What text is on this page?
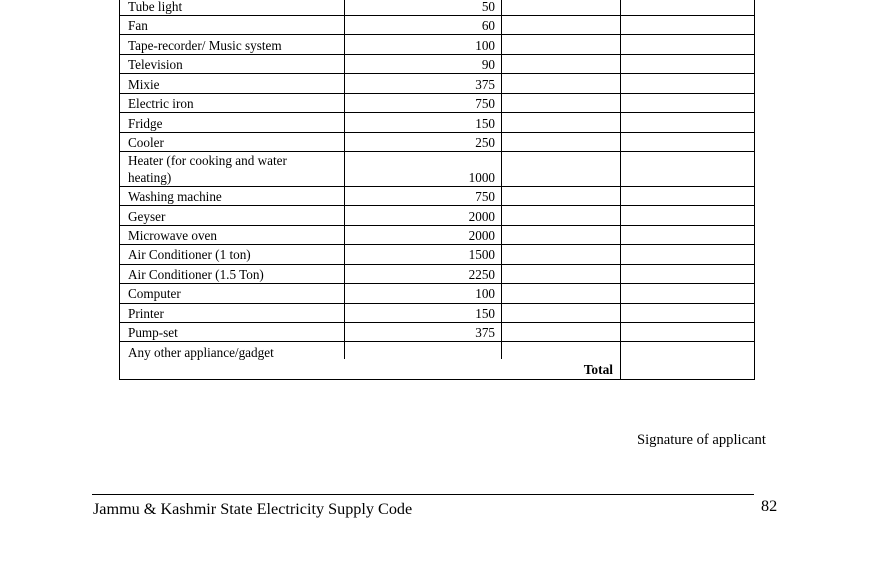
Tube light
Fan
Tape-recorder/ Music system
Television
Mixie
Electric iron
Fridge
Cooler
Heater (for cooking and water
heating)
Washing machine
Geyser
Microwave oven
Air Conditioner (1 ton)
Air Conditioner (1.5 Ton)
Computer
Printer
Pump-set
Any other appliance/gadget
50
60
100
90
375
750
150
250
1000
750
2000
2000
1500
2250
100
150
375
Total
Signature of applicant
Jammu & Kashmir State Electricity Supply Code	82
